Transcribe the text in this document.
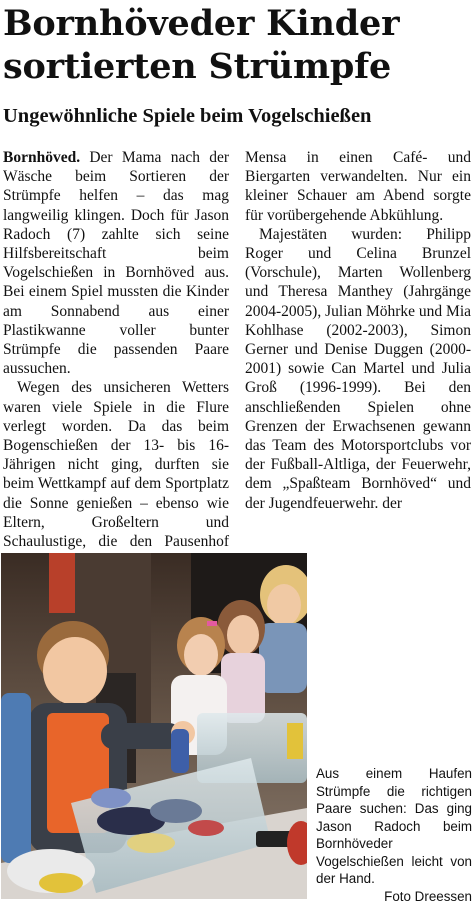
Bornhöveder Kinder
sortierten Strümpfe
Ungewöhnliche Spiele beim Vogelschießen

Bornhöved. Der Mama nach der Wäsche beim Sortieren der Strümpfe helfen – das mag langweilig klingen. Doch für Jason Radoch (7) zahlte sich seine Hilfsbereitschaft beim Vogelschießen in Bornhöved aus. Bei einem Spiel mussten die Kinder am Sonnabend aus einer Plastikwanne voller bunter Strümpfe die passenden Paare aussuchen.

Wegen des unsicheren Wetters waren viele Spiele in die Flure verlegt worden. Da das beim Bogenschießen der 13- bis 16-Jährigen nicht ging, durften sie beim Wettkampf auf dem Sportplatz die Sonne genießen – ebenso wie Eltern, Großeltern und Schaulustige, die den Pausenhof

Mensa in einen Café- und Biergarten verwandelten. Nur ein kleiner Schauer am Abend sorgte für vorübergehende Abkühlung.

Majestäten wurden: Philipp Roger und Celina Brunzel (Vorschule), Marten Wollenberg und Theresa Manthey (Jahrgänge 2004-2005), Julian Möhrke und Mia Kohlhase (2002-2003), Simon Gerner und Denise Duggen (2000-2001) sowie Can Martel und Julia Groß (1996-1999). Bei den anschließenden Spielen ohne Grenzen der Erwachsenen gewann das Team des Motorsportclubs vor der Fußball-Altliga, der Feuerwehr, dem „Spaßteam Bornhöved“ und der Jugendfeuerwehr. der

Aus einem Haufen Strümpfe die richtigen Paare suchen: Das ging Jason Radoch beim Bornhöveder Vogelschießen leicht von der Hand.

Foto Dreessen
